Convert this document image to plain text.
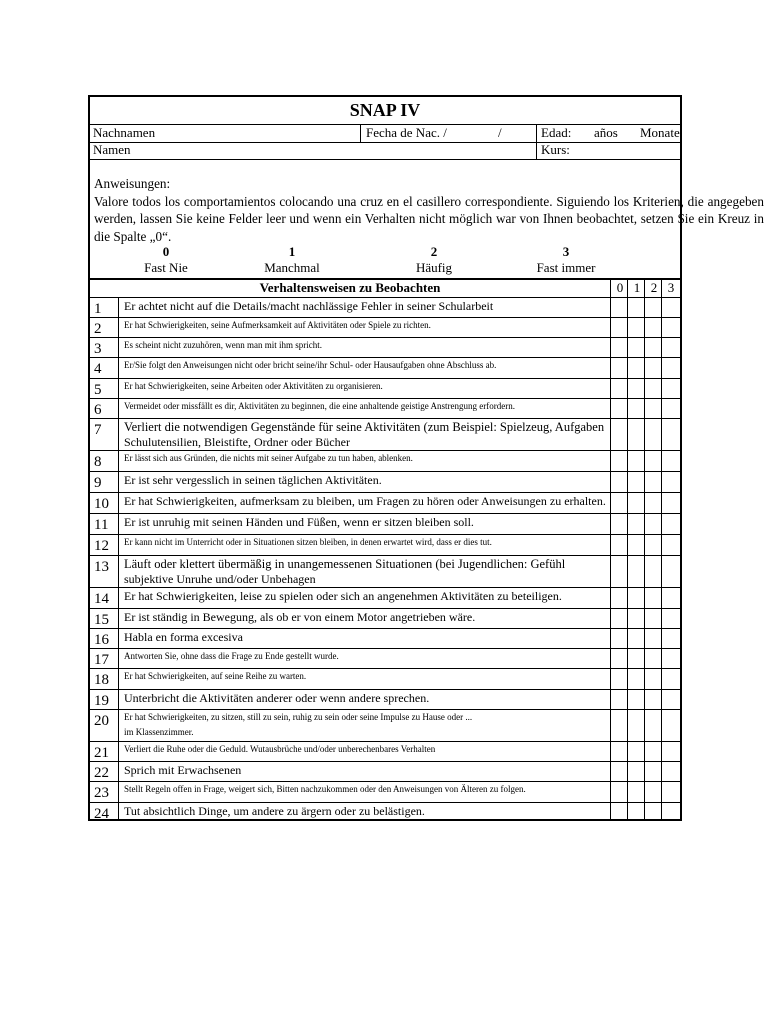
SNAP IV
Nachnamen	Fecha de Nac. /	/	Edad: años Monate
Namen	Kurs:
Anweisungen:

Valore todos los comportamientos colocando una cruz en el casillero correspondiente. Siguiendo los Kriterien, die angegeben werden, lassen Sie keine Felder leer und wenn ein Verhalten nicht möglich war von Ihnen beobachtet, setzen Sie ein Kreuz in die Spalte „0“.

0
Fast Nie
1
Manchmal
2
Häufig
3
Fast immer
Verhaltensweisen zu Beobachten	0 1 2 3
1 Er achtet nicht auf die Details/macht nachlässige Fehler in seiner Schularbeit
2	Er hat Schwierigkeiten, seine Aufmerksamkeit auf Aktivitäten oder Spiele zu richten.
3	Es scheint nicht zuzuhören, wenn man mit ihm spricht.
4	Er/Sie folgt den Anweisungen nicht oder bricht seine/ihr Schul- oder Hausaufgaben ohne Abschluss ab.
5	Er hat Schwierigkeiten, seine Arbeiten oder Aktivitäten zu organisieren.
6	Vermeidet oder missfällt es dir, Aktivitäten zu beginnen, die eine anhaltende geistige Anstrengung erfordern.
7 Verliert die notwendigen Gegenstände für seine Aktivitäten (zum Beispiel: Spielzeug, Aufgaben
Schulutensilien, Bleistifte, Ordner oder Bücher
8	Er lässt sich aus Gründen, die nichts mit seiner Aufgabe zu tun haben, ablenken.
9 Er ist sehr vergesslich in seinen täglichen Aktivitäten.
10 Er hat Schwierigkeiten, aufmerksam zu bleiben, um Fragen zu hören oder Anweisungen zu erhalten.
11 Er ist unruhig mit seinen Händen und Füßen, wenn er sitzen bleiben soll.
12 Er kann nicht im Unterricht oder in Situationen sitzen bleiben, in denen erwartet wird, dass er dies tut.
13 Läuft oder klettert übermäßig in unangemessenen Situationen (bei Jugendlichen: Gefühl
subjektive Unruhe und/oder Unbehagen
14 Er hat Schwierigkeiten, leise zu spielen oder sich an angenehmen Aktivitäten zu beteiligen.
15 Er ist ständig in Bewegung, als ob er von einem Motor angetrieben wäre.
16 Habla en forma excesiva
17 Antworten Sie, ohne dass die Frage zu Ende gestellt wurde.
18 Er hat Schwierigkeiten, auf seine Reihe zu warten.
19 Unterbricht die Aktivitäten anderer oder wenn andere sprechen.
20 Er hat Schwierigkeiten, zu sitzen, still zu sein, ruhig zu sein oder seine Impulse zu Hause oder ...
im Klassenzimmer.
21 Verliert die Ruhe oder die Geduld. Wutausbrüche und/oder unberechenbares Verhalten
22 Sprich mit Erwachsenen
23 Stellt Regeln offen in Frage, weigert sich, Bitten nachzukommen oder den Anweisungen von Älteren zu folgen.
24 Tut absichtlich Dinge, um andere zu ärgern oder zu belästigen.
